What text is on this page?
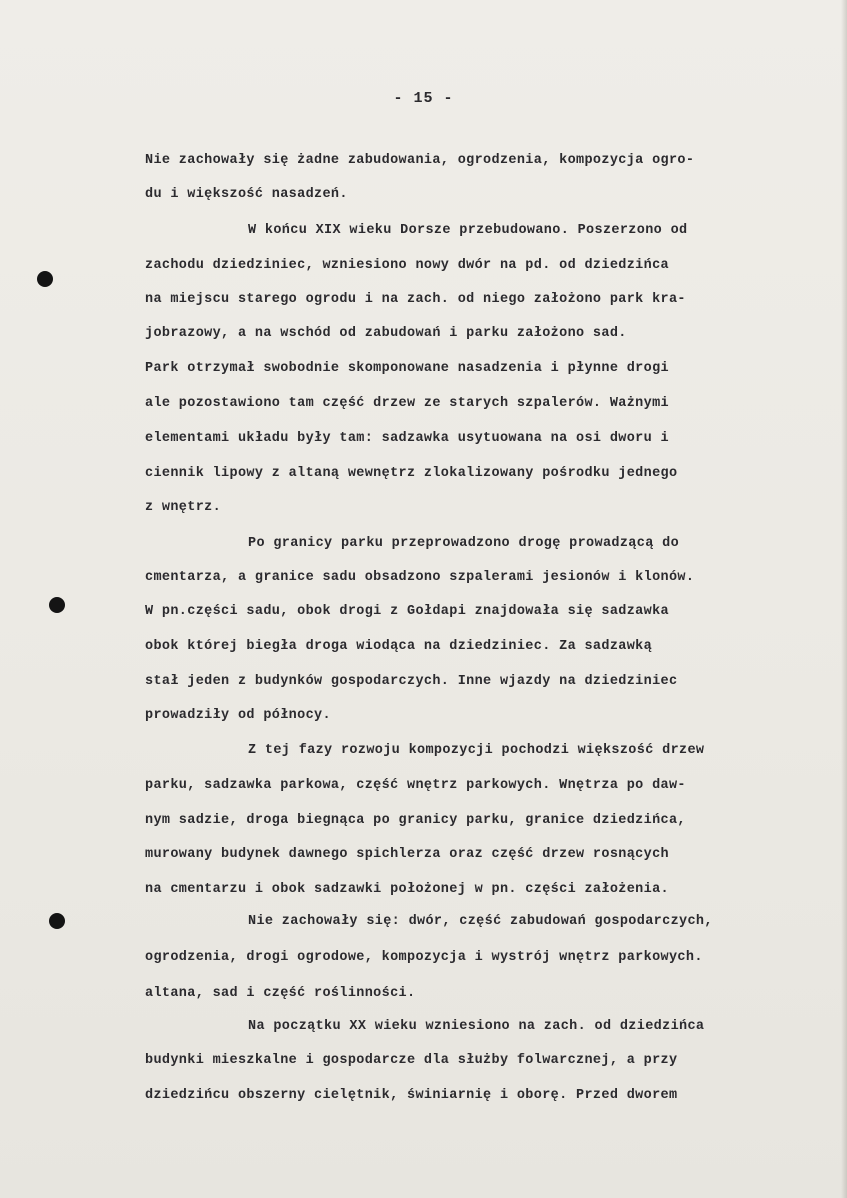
- 15 -
Nie zachowały się żadne zabudowania, ogrodzenia, kompozycja ogro-
du i większość nasadzeń.
W końcu XIX wieku Dorsze przebudowano. Poszerzono od
zachodu dziedziniec, wzniesiono nowy dwór na pd. od dziedzińca
na miejscu starego ogrodu i na zach. od niego założono park kra-
jobrazowy, a na wschód od zabudowań i parku założono sad.
Park otrzymał swobodnie skomponowane nasadzenia i płynne drogi
ale pozostawiono tam część drzew ze starych szpalerów. Ważnymi
elementami układu były tam: sadzawka usytuowana na osi dworu i
ciennik lipowy z altaną wewnętrz zlokalizowany pośrodku jednego
z wnętrz.
Po granicy parku przeprowadzono drogę prowadzącą do
cmentarza, a granice sadu obsadzono szpalerami jesionów i klonów.
W pn.części sadu, obok drogi z Gołdapi znajdowała się sadzawka
obok której biegła droga wiodąca na dziedziniec. Za sadzawką
stał jeden z budynków gospodarczych. Inne wjazdy na dziedziniec
prowadziły od północy.
Z tej fazy rozwoju kompozycji pochodzi większość drzew
parku, sadzawka parkowa, część wnętrz parkowych. Wnętrza po daw-
nym sadzie, droga biegnąca po granicy parku, granice dziedzińca,
murowany budynek dawnego spichlerza oraz część drzew rosnących
na cmentarzu i obok sadzawki położonej w pn. części założenia.
Nie zachowały się: dwór, część zabudowań gospodarczych,
ogrodzenia, drogi ogrodowe, kompozycja i wystrój wnętrz parkowych.
altana, sad i część roślinności.
Na początku XX wieku wzniesiono na zach. od dziedzińca
budynki mieszkalne i gospodarcze dla służby folwarcznej, a przy
dziedzińcu obszerny cielętnik, świniarnię i oborę. Przed dworem
